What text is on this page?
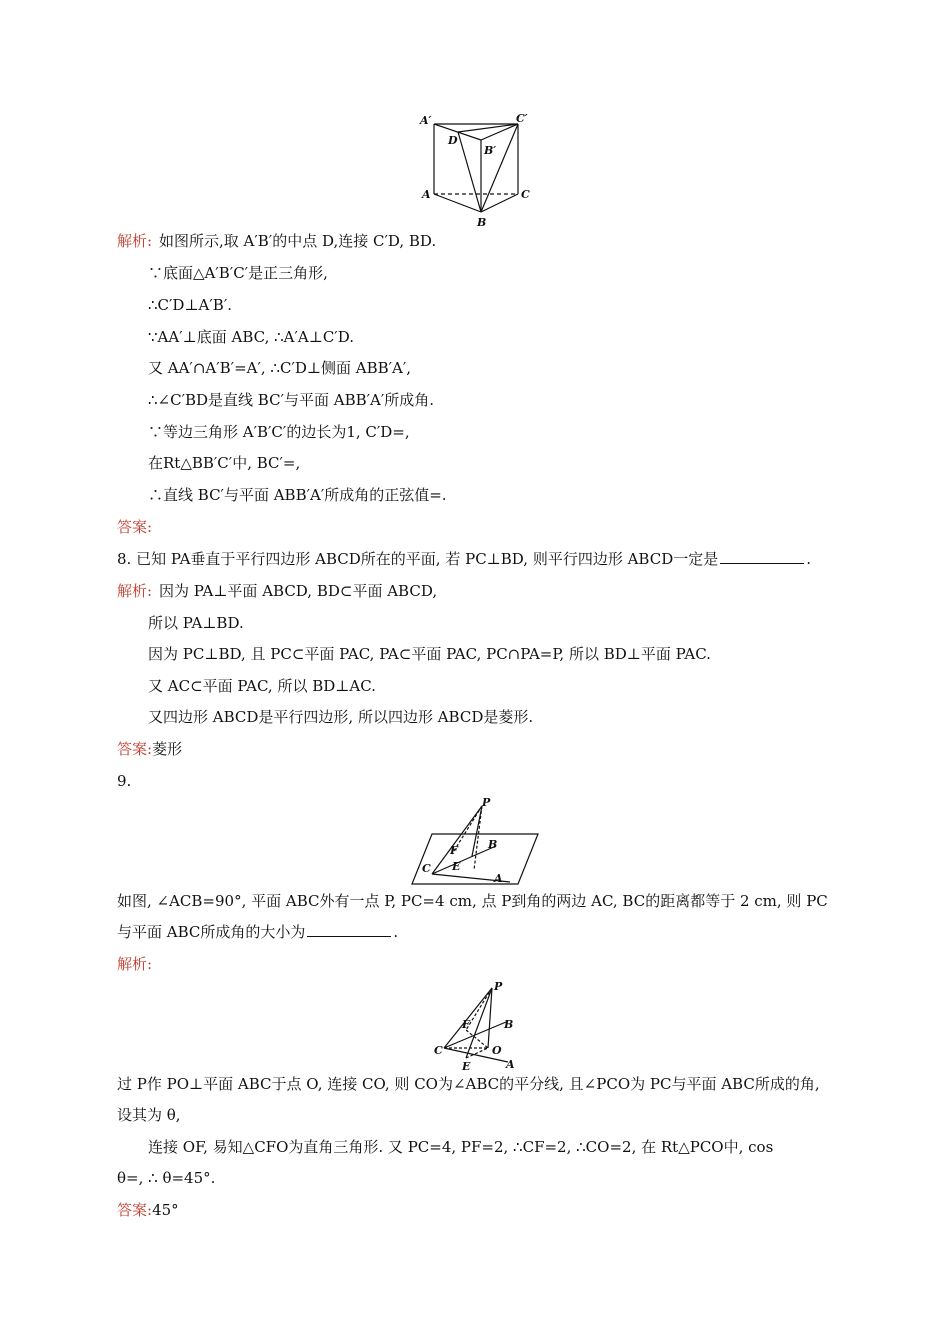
A′	C′
D
B′
A	C
B
解析: 如图所示,取 A′B′的中点 D,连接 C′D, BD.
∵底面△A′B′C′是正三角形,
∴C′D⊥A′B′.
∵AA′⊥底面 ABC, ∴A′A⊥C′D.
又 AA′∩A′B′=A′, ∴C′D⊥侧面 ABB′A′,
∴∠C′BD是直线 BC′与平面 ABB′A′所成角.
∵等边三角形 A′B′C′的边长为1, C′D=,
在Rt△BB′C′中, BC′=,
∴直线 BC′与平面 ABB′A′所成角的正弦值=.
答案:
8. 已知 PA垂直于平行四边形 ABCD所在的平面, 若 PC⊥BD, 则平行四边形 ABCD一定是	.
解析: 因为 PA⊥平面 ABCD, BD⊂平面 ABCD,
所以 PA⊥BD.
因为 PC⊥BD, 且 PC⊂平面 PAC, PA⊂平面 PAC, PC∩PA=P, 所以 BD⊥平面 PAC.
又 AC⊂平面 PAC, 所以 BD⊥AC.
又四边形 ABCD是平行四边形, 所以四边形 ABCD是菱形.
答案:菱形
9.
P
B
F
C E
A
如图, ∠ACB=90°, 平面 ABC外有一点 P, PC=4 cm, 点 P到角的两边 AC, BC的距离都等于 2 cm, 则 PC
与平面 ABC所成角的大小为	.
解析:
P
B
F
C	O
E	A
过 P作 PO⊥平面 ABC于点 O, 连接 CO, 则 CO为∠ABC的平分线, 且∠PCO为 PC与平面 ABC所成的角,
设其为 θ,
连接 OF, 易知△CFO为直角三角形. 又 PC=4, PF=2, ∴CF=2, ∴CO=2, 在 Rt△PCO中, cos
θ=, ∴ θ=45°.
答案:45°
